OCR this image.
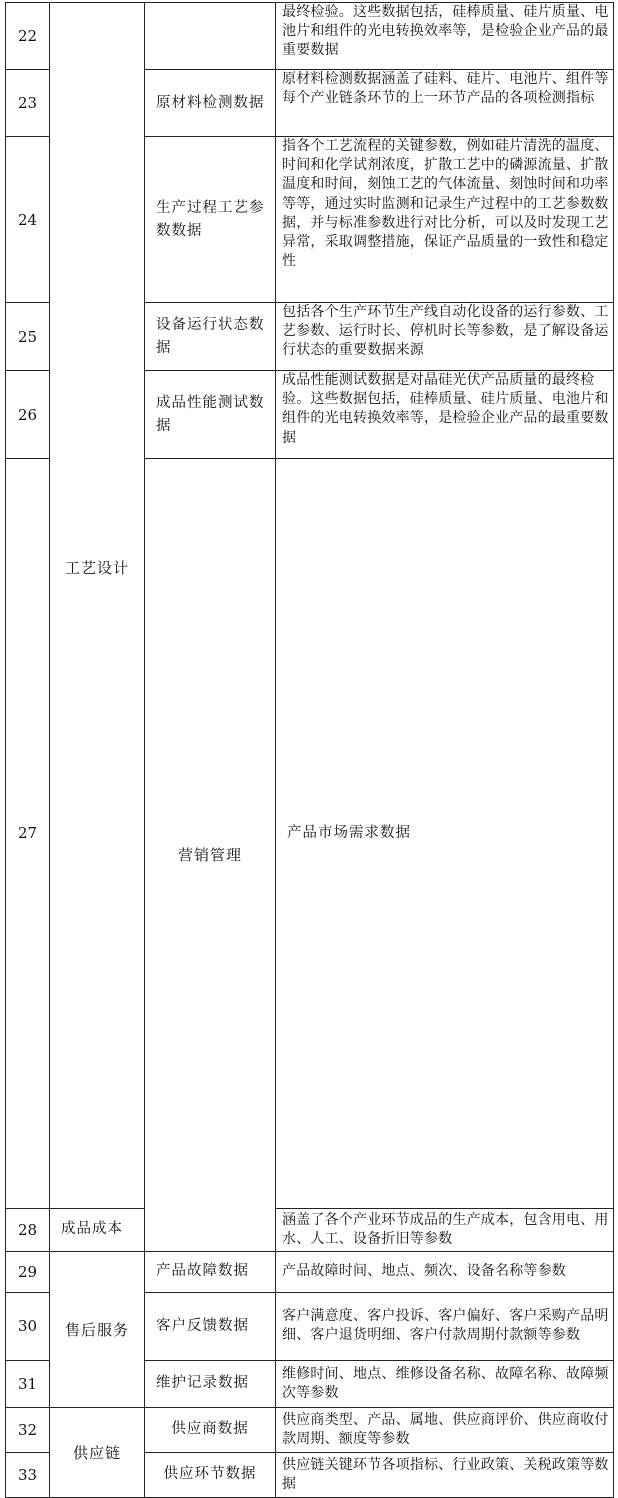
22	工艺设计		最终检验。这些数据包括，硅棒质量、硅片质量、电池片和组件的光电转换效率等，是检验企业产品的最重要数据	
23		原材料检测数据	原材料检测数据涵盖了硅料、硅片、电池片、组件等每个产业链条环节的上一环节产品的各项检测指标	
24		生产过程工艺参数数据	指各个工艺流程的关键参数，例如硅片清洗的温度、时间和化学试剂浓度，扩散工艺中的磷源流量、扩散温度和时间，刻蚀工艺的气体流量、刻蚀时间和功率等等，通过实时监测和记录生产过程中的工艺参数数据，并与标准参数进行对比分析，可以及时发现工艺异常，采取调整措施，保证产品质量的一致性和稳定性	
25		设备运行状态数据	包括各个生产环节生产线自动化设备的运行参数、工艺参数、运行时长、停机时长等参数，是了解设备运行状态的重要数据来源	
26		成品性能测试数据	成品性能测试数据是对晶硅光伏产品质量的最终检验。这些数据包括，硅棒质量、硅片质量、电池片和组件的光电转换效率等，是检验企业产品的最重要数据	
27		营销管理	产品市场需求数据	
28	成品成本		涵盖了各个产业环节成品的生产成本，包含用电、用水、人工、设备折旧等参数	
29	售后服务	产品故障数据	产品故障时间、地点、频次、设备名称等参数	
30		客户反馈数据	客户满意度、客户投诉、客户偏好、客户采购产品明细、客户退货明细、客户付款周期付款额等参数	
31		维护记录数据	维修时间、地点、维修设备名称、故障名称、故障频次等参数	
32	供应链	供应商数据	供应商类型、产品、属地、供应商评价、供应商收付款周期、额度等参数	
33		供应环节数据	供应链关键环节各项指标、行业政策、关税政策等数据	
